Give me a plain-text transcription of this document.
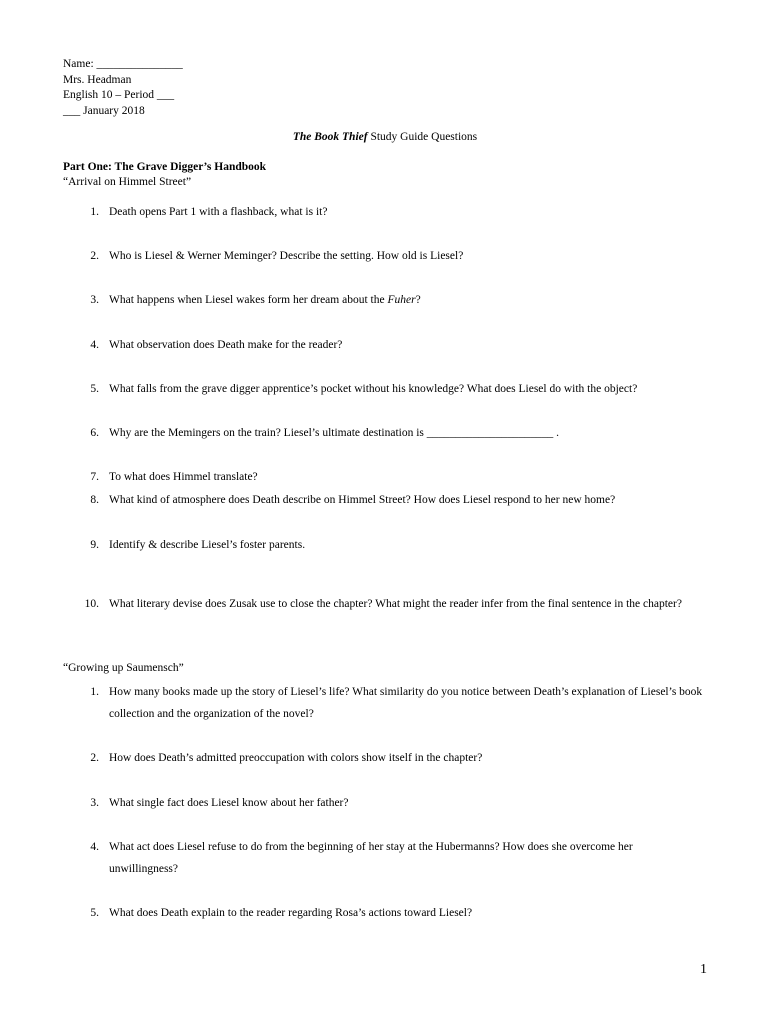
Name: _______________
Mrs. Headman
English 10 – Period ___
___ January 2018
The Book Thief Study Guide Questions
Part One: The Grave Digger’s Handbook
“Arrival on Himmel Street”
1. Death opens Part 1 with a flashback, what is it?
2. Who is Liesel & Werner Meminger? Describe the setting. How old is Liesel?
3. What happens when Liesel wakes form her dream about the Fuher?
4. What observation does Death make for the reader?
5. What falls from the grave digger apprentice’s pocket without his knowledge? What does Liesel do with the object?
6. Why are the Memingers on the train? Liesel’s ultimate destination is ______________________ .
7. To what does Himmel translate?
8. What kind of atmosphere does Death describe on Himmel Street? How does Liesel respond to her new home?
9. Identify & describe Liesel’s foster parents.
10. What literary devise does Zusak use to close the chapter? What might the reader infer from the final sentence in the chapter?
“Growing up Saumensch”
1. How many books made up the story of Liesel’s life? What similarity do you notice between Death’s explanation of Liesel’s book collection and the organization of the novel?
2. How does Death’s admitted preoccupation with colors show itself in the chapter?
3. What single fact does Liesel know about her father?
4. What act does Liesel refuse to do from the beginning of her stay at the Hubermanns? How does she overcome her unwillingness?
5. What does Death explain to the reader regarding Rosa’s actions toward Liesel?
1
